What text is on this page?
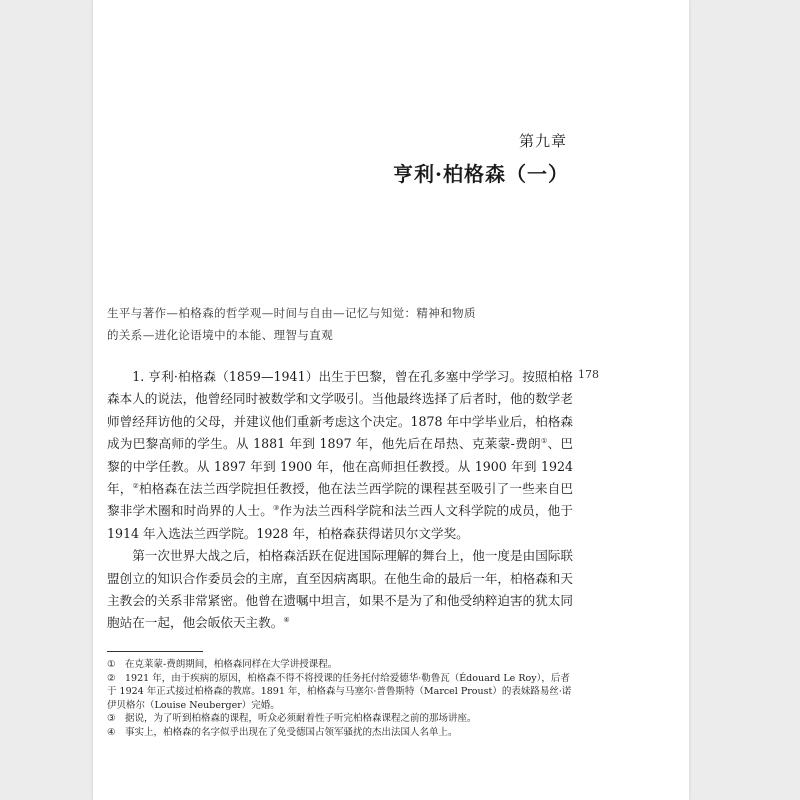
第九章
亨利·柏格森（一）

生平与著作—柏格森的哲学观—时间与自由—记忆与知觉：精神和物质

的关系—进化论语境中的本能、理智与直观

178

1. 亨利·柏格森（1859—1941）出生于巴黎，曾在孔多塞中学学习。按照柏格森本人的说法，他曾经同时被数学和文学吸引。当他最终选择了后者时，他的数学老师曾经拜访他的父母，并建议他们重新考虑这个决定。1878 年中学毕业后，柏格森成为巴黎高师的学生。从 1881 年到 1897 年，他先后在昂热、克莱蒙-费朗①、巴黎的中学任教。从 1897 年到 1900 年，他在高师担任教授。从 1900 年到 1924 年，②柏格森在法兰西学院担任教授，他在法兰西学院的课程甚至吸引了一些来自巴黎非学术圈和时尚界的人士。③作为法兰西科学院和法兰西人文科学院的成员，他于 1914 年入选法兰西学院。1928 年，柏格森获得诺贝尔文学奖。

第一次世界大战之后，柏格森活跃在促进国际理解的舞台上，他一度是由国际联盟创立的知识合作委员会的主席，直至因病离职。在他生命的最后一年，柏格森和天主教会的关系非常紧密。他曾在遗嘱中坦言，如果不是为了和他受纳粹迫害的犹太同胞站在一起，他会皈依天主教。④

① 在克莱蒙-费朗期间，柏格森同样在大学讲授课程。

② 1921 年，由于疾病的原因，柏格森不得不将授课的任务托付给爱德华·勒鲁瓦（Édouard Le Roy），后者于 1924 年正式接过柏格森的教席。1891 年，柏格森与马塞尔·普鲁斯特（Marcel Proust）的表妹路易丝·诺伊贝格尔（Louise Neuberger）完婚。

③ 据说，为了听到柏格森的课程，听众必须耐着性子听完柏格森课程之前的那场讲座。

④ 事实上，柏格森的名字似乎出现在了免受德国占领军骚扰的杰出法国人名单上。
